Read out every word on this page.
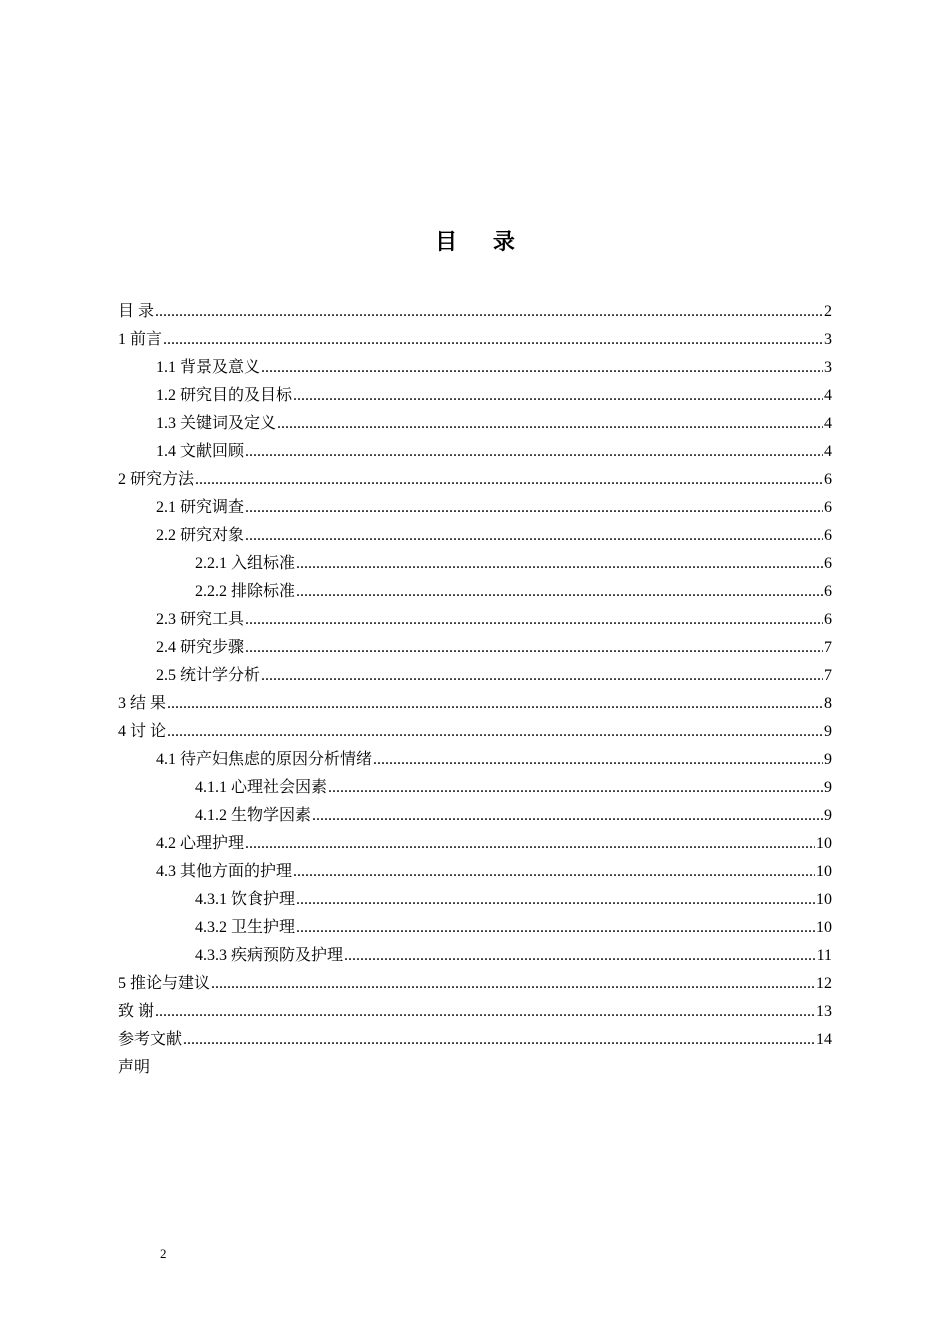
目 录
目 录 .....	2
1 前言 .....	3
1.1 背景及意义 .....	3
1.2 研究目的及目标 .....	4
1.3 关键词及定义 .....	4
1.4 文献回顾 .....	4
2 研究方法 .....	6
2.1 研究调查 .....	6
2.2 研究对象 .....	6
2.2.1 入组标准 .....	6
2.2.2 排除标准 .....	6
2.3 研究工具 .....	6
2.4 研究步骤 .....	7
2.5 统计学分析 .....	7
3 结 果 .....	8
4 讨 论 .....	9
4.1 待产妇焦虑的原因分析情绪 .....	9
4.1.1 心理社会因素 .....	9
4.1.2 生物学因素 .....	9
4.2 心理护理 .....	10
4.3 其他方面的护理 .....	10
4.3.1 饮食护理 .....	10
4.3.2 卫生护理 .....	10
4.3.3 疾病预防及护理 .....	11
5 推论与建议 .....	12
致 谢 .....	13
参考文献 .....	14
声明
2
